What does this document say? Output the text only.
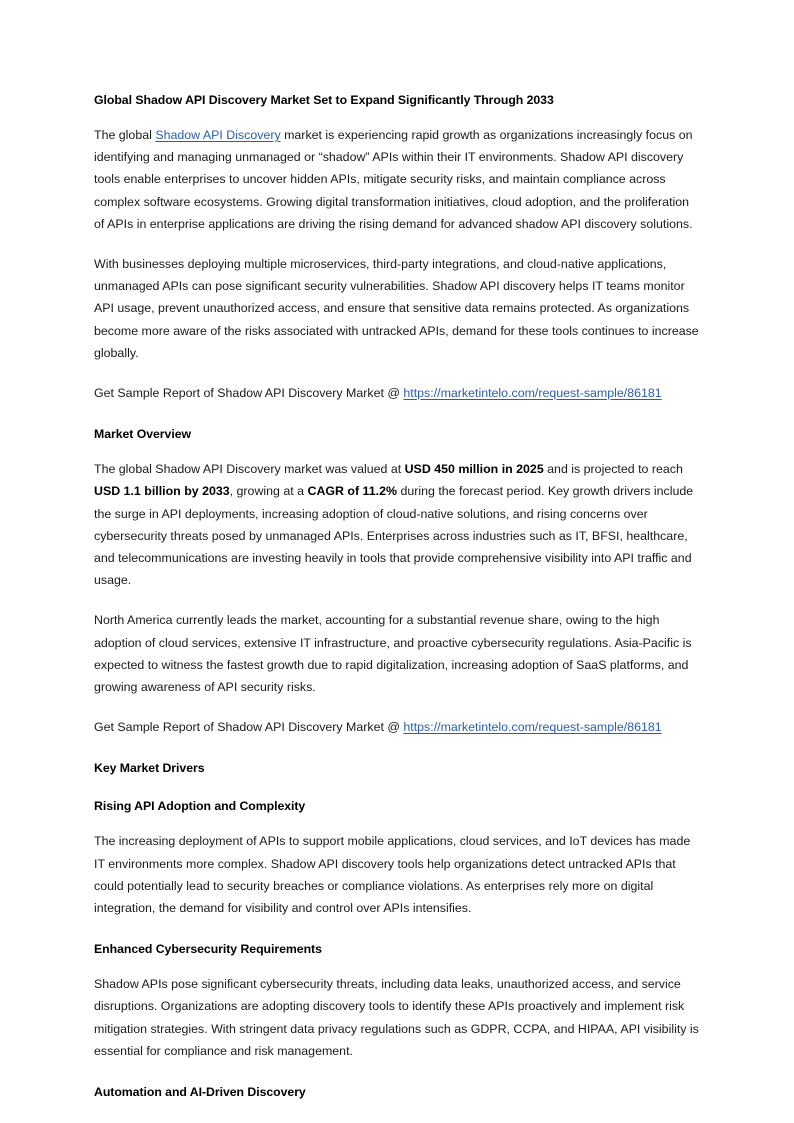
Global Shadow API Discovery Market Set to Expand Significantly Through 2033

The global Shadow API Discovery market is experiencing rapid growth as organizations increasingly focus on identifying and managing unmanaged or “shadow” APIs within their IT environments. Shadow API discovery tools enable enterprises to uncover hidden APIs, mitigate security risks, and maintain compliance across complex software ecosystems. Growing digital transformation initiatives, cloud adoption, and the proliferation of APIs in enterprise applications are driving the rising demand for advanced shadow API discovery solutions.

With businesses deploying multiple microservices, third-party integrations, and cloud-native applications, unmanaged APIs can pose significant security vulnerabilities. Shadow API discovery helps IT teams monitor API usage, prevent unauthorized access, and ensure that sensitive data remains protected. As organizations become more aware of the risks associated with untracked APIs, demand for these tools continues to increase globally.

Get Sample Report of Shadow API Discovery Market @ https://marketintelo.com/request-sample/86181

Market Overview

The global Shadow API Discovery market was valued at USD 450 million in 2025 and is projected to reach USD 1.1 billion by 2033, growing at a CAGR of 11.2% during the forecast period. Key growth drivers include the surge in API deployments, increasing adoption of cloud-native solutions, and rising concerns over cybersecurity threats posed by unmanaged APIs. Enterprises across industries such as IT, BFSI, healthcare, and telecommunications are investing heavily in tools that provide comprehensive visibility into API traffic and usage.

North America currently leads the market, accounting for a substantial revenue share, owing to the high adoption of cloud services, extensive IT infrastructure, and proactive cybersecurity regulations. Asia-Pacific is expected to witness the fastest growth due to rapid digitalization, increasing adoption of SaaS platforms, and growing awareness of API security risks.

Get Sample Report of Shadow API Discovery Market @ https://marketintelo.com/request-sample/86181

Key Market Drivers
Rising API Adoption and Complexity

The increasing deployment of APIs to support mobile applications, cloud services, and IoT devices has made IT environments more complex. Shadow API discovery tools help organizations detect untracked APIs that could potentially lead to security breaches or compliance violations. As enterprises rely more on digital integration, the demand for visibility and control over APIs intensifies.

Enhanced Cybersecurity Requirements

Shadow APIs pose significant cybersecurity threats, including data leaks, unauthorized access, and service disruptions. Organizations are adopting discovery tools to identify these APIs proactively and implement risk mitigation strategies. With stringent data privacy regulations such as GDPR, CCPA, and HIPAA, API visibility is essential for compliance and risk management.

Automation and AI-Driven Discovery
